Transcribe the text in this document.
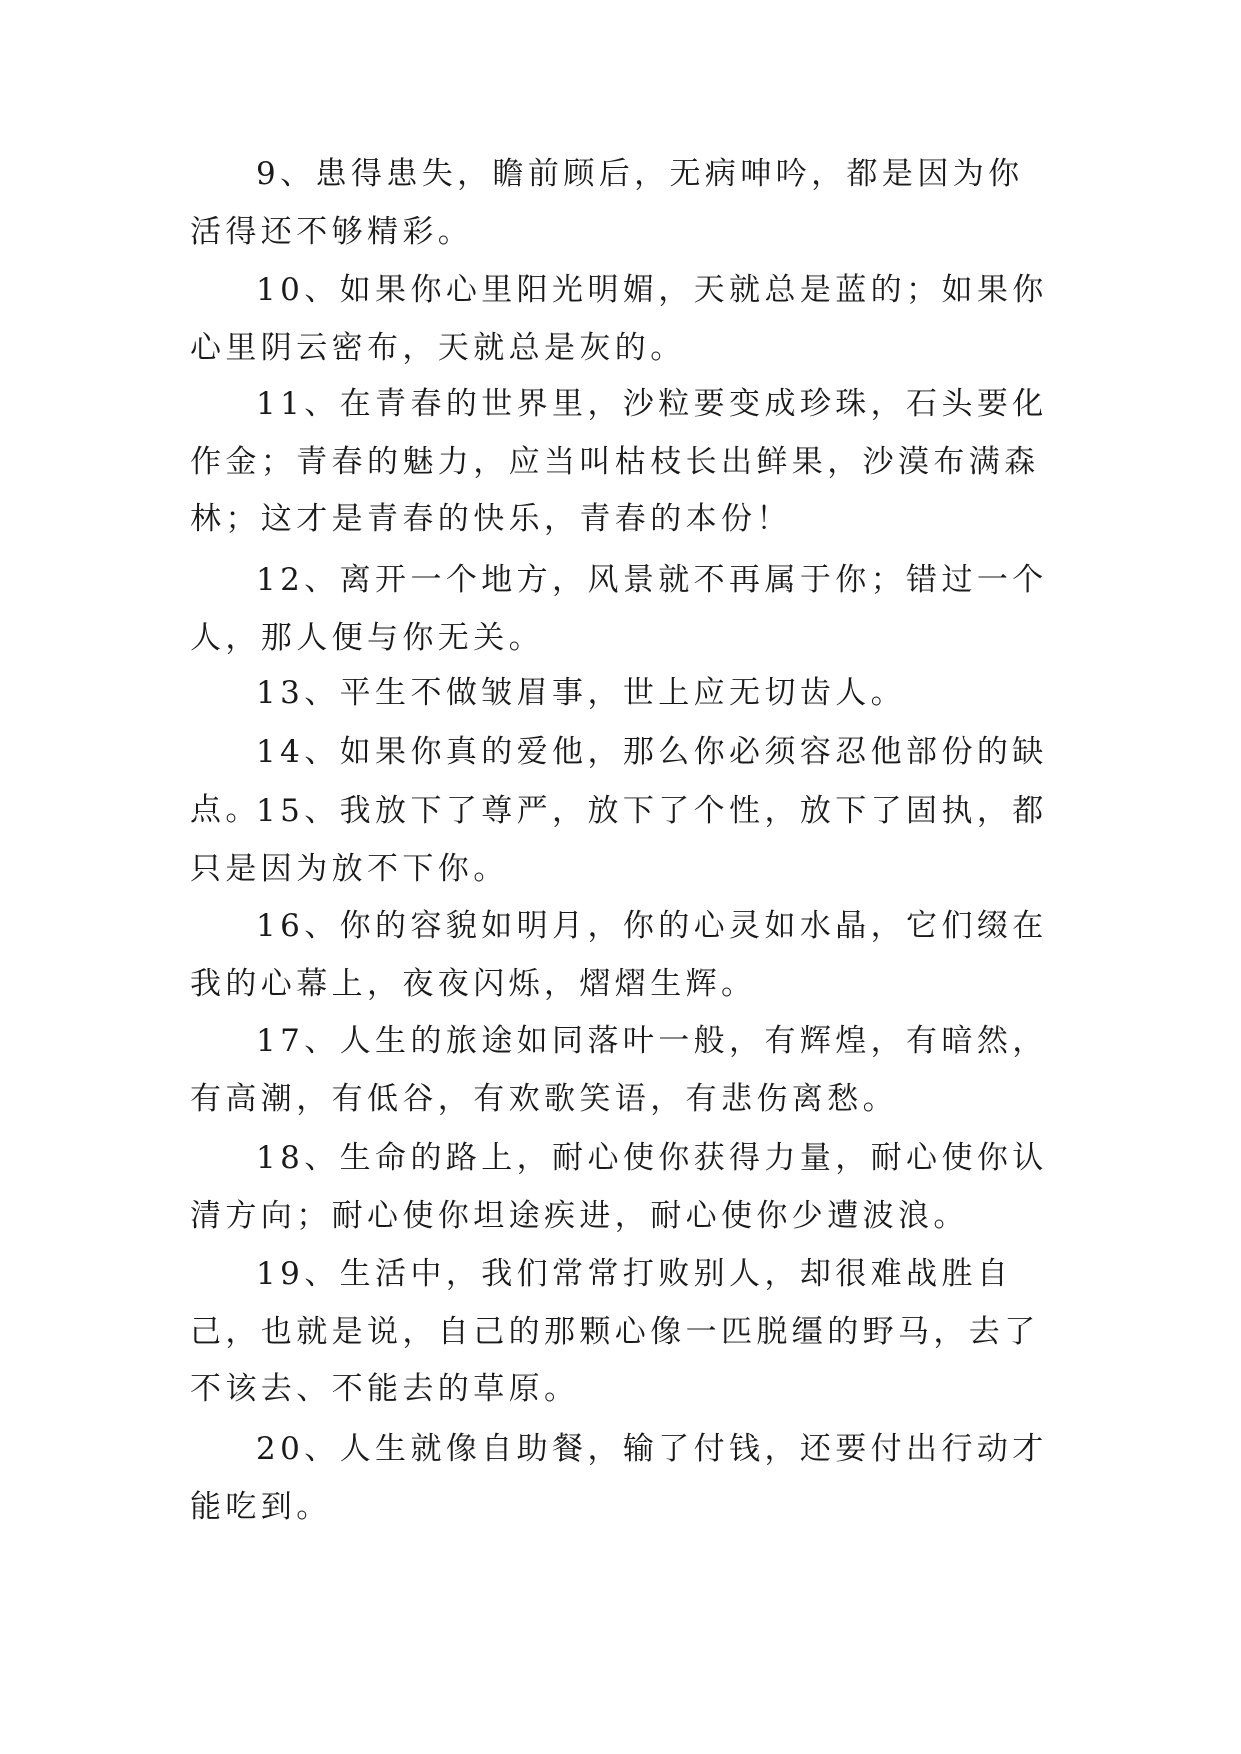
9、患得患失，瞻前顾后，无病呻吟，都是因为你活得还不够精彩。

10、如果你心里阳光明媚，天就总是蓝的；如果你心里阴云密布，天就总是灰的。

11、在青春的世界里，沙粒要变成珍珠，石头要化作金；青春的魅力，应当叫枯枝长出鲜果，沙漠布满森林；这才是青春的快乐，青春的本份！

12、离开一个地方，风景就不再属于你；错过一个人，那人便与你无关。

13、平生不做皱眉事，世上应无切齿人。

14、如果你真的爱他，那么你必须容忍他部份的缺点。

15、我放下了尊严，放下了个性，放下了固执，都只是因为放不下你。

16、你的容貌如明月，你的心灵如水晶，它们缀在我的心幕上，夜夜闪烁，熠熠生辉。

17、人生的旅途如同落叶一般，有辉煌，有暗然，有高潮，有低谷，有欢歌笑语，有悲伤离愁。

18、生命的路上，耐心使你获得力量，耐心使你认清方向；耐心使你坦途疾进，耐心使你少遭波浪。

19、生活中，我们常常打败别人，却很难战胜自己，也就是说，自己的那颗心像一匹脱缰的野马，去了不该去、不能去的草原。

20、人生就像自助餐，输了付钱，还要付出行动才能吃到。
